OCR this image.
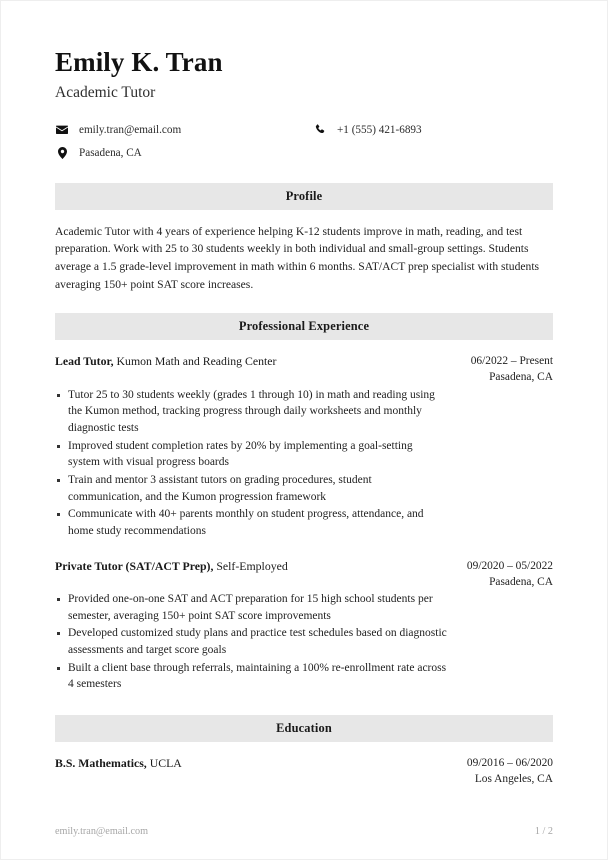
Emily K. Tran
Academic Tutor
emily.tran@email.com	+1 (555) 421-6893
Pasadena, CA
Profile

Academic Tutor with 4 years of experience helping K-12 students improve in math, reading, and test preparation. Work with 25 to 30 students weekly in both individual and small-group settings. Students average a 1.5 grade-level improvement in math within 6 months. SAT/ACT prep specialist with students averaging 150+ point SAT score increases.

Professional Experience
Lead Tutor, Kumon Math and Reading Center	06/2022 – Present
Pasadena, CA
Tutor 25 to 30 students weekly (grades 1 through 10) in math and reading using the Kumon method, tracking progress through daily worksheets and monthly diagnostic tests
Improved student completion rates by 20% by implementing a goal-setting system with visual progress boards
Train and mentor 3 assistant tutors on grading procedures, student communication, and the Kumon progression framework
Communicate with 40+ parents monthly on student progress, attendance, and home study recommendations
Private Tutor (SAT/ACT Prep), Self-Employed	09/2020 – 05/2022
Pasadena, CA
Provided one-on-one SAT and ACT preparation for 15 high school students per semester, averaging 150+ point SAT score improvements
Developed customized study plans and practice test schedules based on diagnostic assessments and target score goals
Built a client base through referrals, maintaining a 100% re-enrollment rate across 4 semesters
Education
B.S. Mathematics, UCLA	09/2016 – 06/2020
Los Angeles, CA
emily.tran@email.com	1 / 2
